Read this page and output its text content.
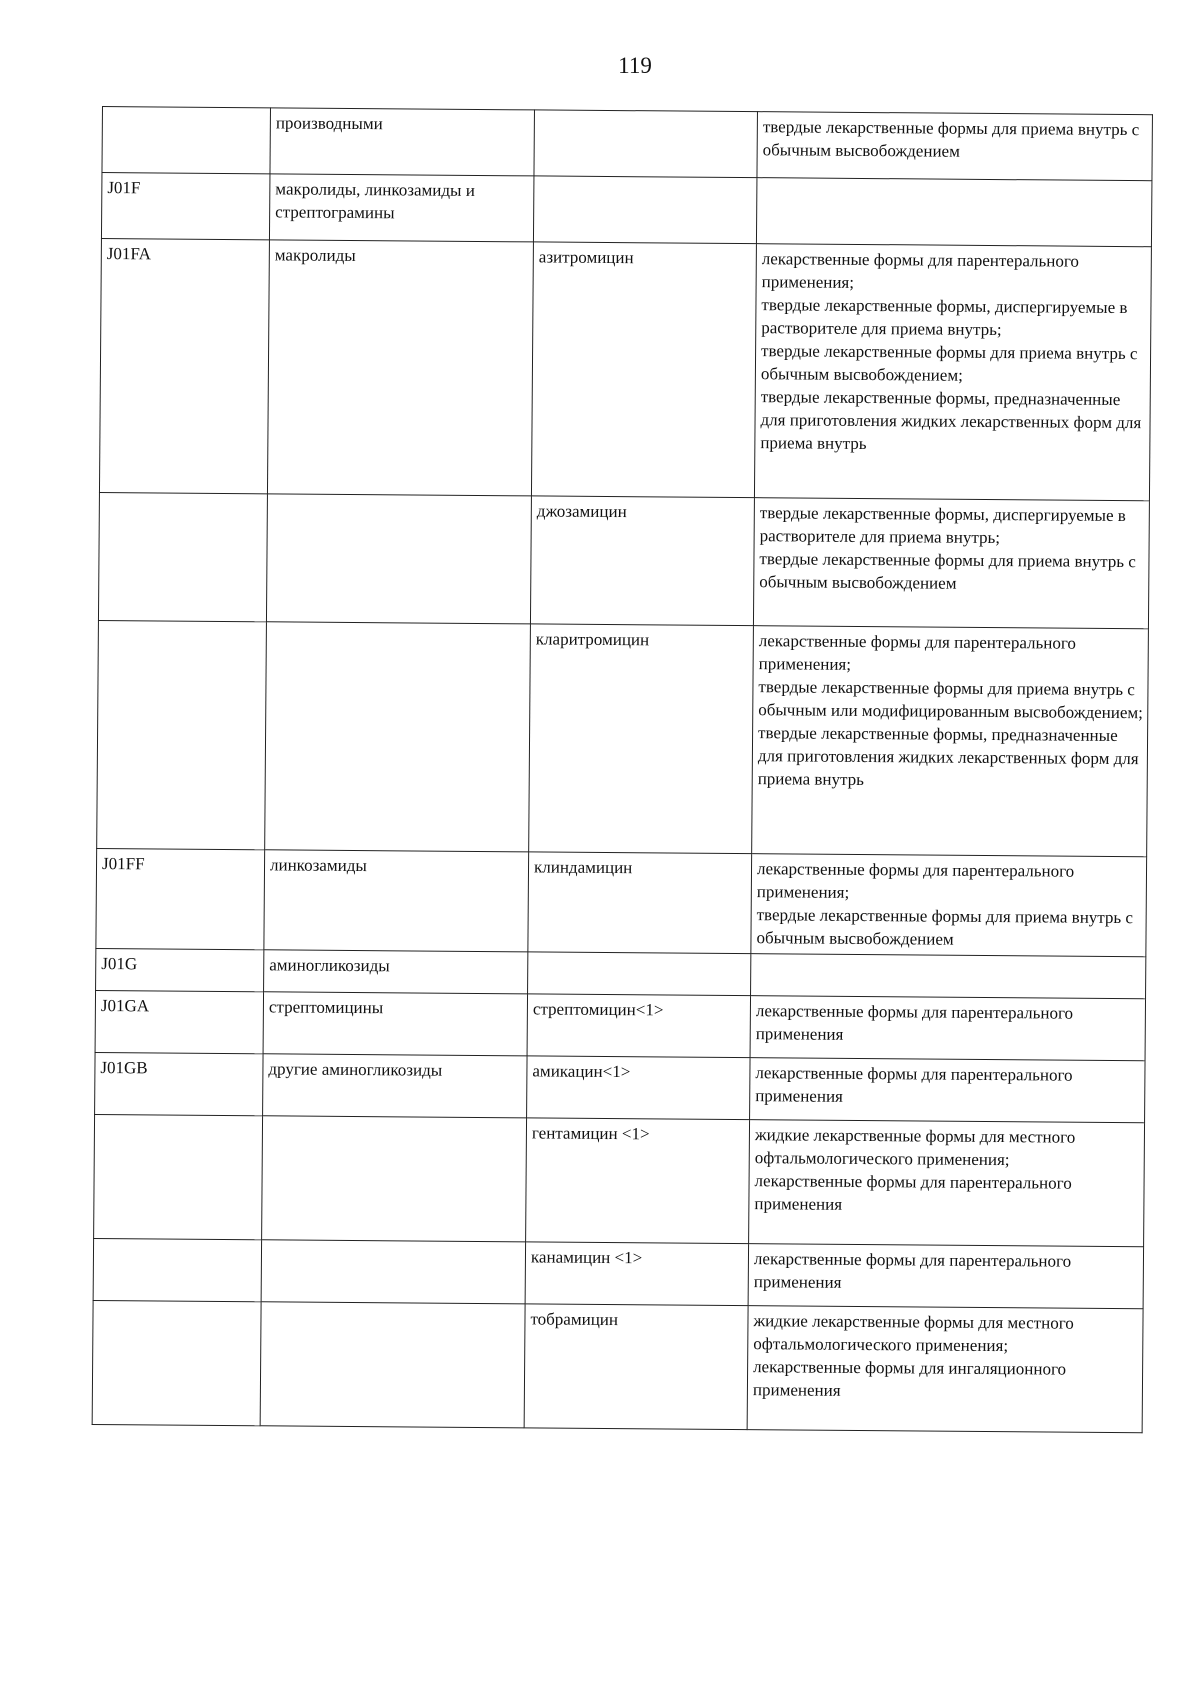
119
	производными		твердые лекарственные формы для приема внутрь с обычным высвобождением

J01F	макролиды, линкозамиды и стрептограмины		
J01FA	макролиды	азитромицин	лекарственные формы для парентерального применения;
твердые лекарственные формы, диспергируемые в растворителе для приема внутрь;
твердые лекарственные формы для приема внутрь с обычным высвобождением;
твердые лекарственные формы, предназначенные для приготовления жидких лекарственных форм для приема внутрь

		джозамицин	твердые лекарственные формы, диспергируемые в растворителе для приема внутрь;
твердые лекарственные формы для приема внутрь с обычным высвобождением

		кларитромицин	лекарственные формы для парентерального применения;
твердые лекарственные формы для приема внутрь с обычным или модифицированным высвобождением;
твердые лекарственные формы, предназначенные для приготовления жидких лекарственных форм для приема внутрь

J01FF	линкозамиды	клиндамицин	лекарственные формы для парентерального применения;
твердые лекарственные формы для приема внутрь с обычным высвобождением

J01G	аминогликозиды		
J01GA	стрептомицины	стрептомицин<1>	лекарственные формы для парентерального применения

J01GB	другие аминогликозиды	амикацин<1>	лекарственные формы для парентерального применения

		гентамицин <1>	жидкие лекарственные формы для местного офтальмологического применения;
лекарственные формы для парентерального применения

		канамицин <1>	лекарственные формы для парентерального применения

		тобрамицин	жидкие лекарственные формы для местного офтальмологического применения;
лекарственные формы для ингаляционного применения
